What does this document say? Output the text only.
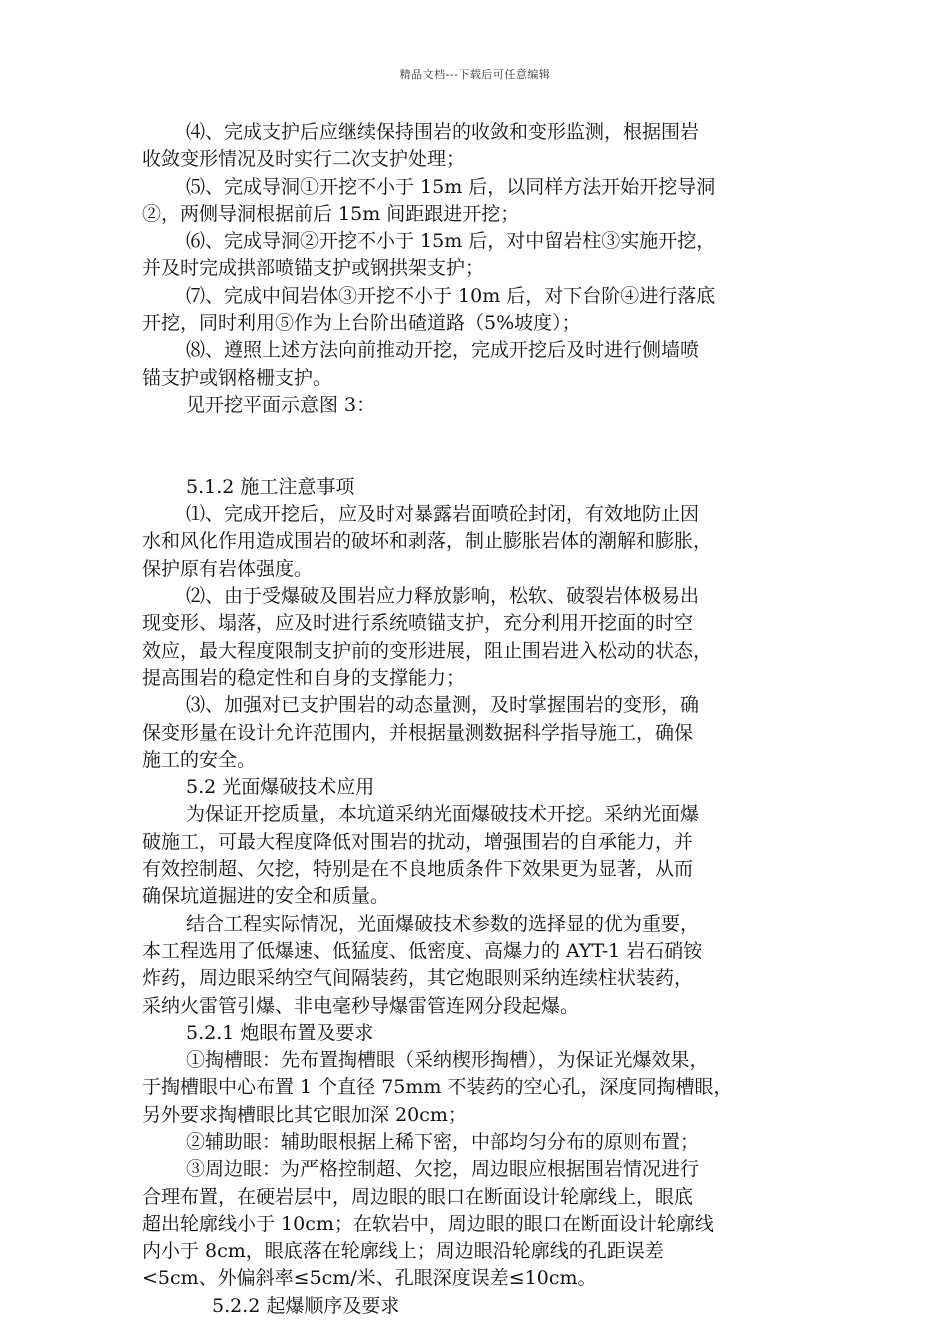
精品文档---下载后可任意编辑
⑷、完成支护后应继续保持围岩的收敛和变形监测，根据围岩
收敛变形情况及时实行二次支护处理；
⑸、完成导洞①开挖不小于 15m 后，以同样方法开始开挖导洞
②，两侧导洞根据前后 15m 间距跟进开挖；
⑹、完成导洞②开挖不小于 15m 后，对中留岩柱③实施开挖，
并及时完成拱部喷锚支护或钢拱架支护；
⑺、完成中间岩体③开挖不小于 10m 后，对下台阶④进行落底
开挖，同时利用⑤作为上台阶出碴道路（5%坡度）；
⑻、遵照上述方法向前推动开挖，完成开挖后及时进行侧墙喷
锚支护或钢格栅支护。
见开挖平面示意图 3：
5.1.2 施工注意事项
⑴、完成开挖后，应及时对暴露岩面喷砼封闭，有效地防止因
水和风化作用造成围岩的破坏和剥落，制止膨胀岩体的潮解和膨胀，
保护原有岩体强度。
⑵、由于受爆破及围岩应力释放影响，松软、破裂岩体极易出
现变形、塌落，应及时进行系统喷锚支护，充分利用开挖面的时空
效应，最大程度限制支护前的变形进展，阻止围岩进入松动的状态，
提高围岩的稳定性和自身的支撑能力；
⑶、加强对已支护围岩的动态量测，及时掌握围岩的变形，确
保变形量在设计允许范围内，并根据量测数据科学指导施工，确保
施工的安全。
5.2 光面爆破技术应用
为保证开挖质量，本坑道采纳光面爆破技术开挖。采纳光面爆
破施工，可最大程度降低对围岩的扰动，增强围岩的自承能力，并
有效控制超、欠挖，特别是在不良地质条件下效果更为显著，从而
确保坑道掘进的安全和质量。
结合工程实际情况，光面爆破技术参数的选择显的优为重要，
本工程选用了低爆速、低猛度、低密度、高爆力的 AYT-1 岩石硝铵
炸药，周边眼采纳空气间隔装药，其它炮眼则采纳连续柱状装药，
采纳火雷管引爆、非电毫秒导爆雷管连网分段起爆。
5.2.1 炮眼布置及要求
①掏槽眼：先布置掏槽眼（采纳楔形掏槽），为保证光爆效果，
于掏槽眼中心布置 1 个直径 75mm 不装药的空心孔，深度同掏槽眼，
另外要求掏槽眼比其它眼加深 20cm；
②辅助眼：辅助眼根据上稀下密，中部均匀分布的原则布置；
③周边眼：为严格控制超、欠挖，周边眼应根据围岩情况进行
合理布置，在硬岩层中，周边眼的眼口在断面设计轮廓线上，眼底
超出轮廓线小于 10cm；在软岩中，周边眼的眼口在断面设计轮廓线
内小于 8cm，眼底落在轮廓线上；周边眼沿轮廓线的孔距误差
<5cm、外偏斜率≤5cm/米、孔眼深度误差≤10cm。
5.2.2 起爆顺序及要求
